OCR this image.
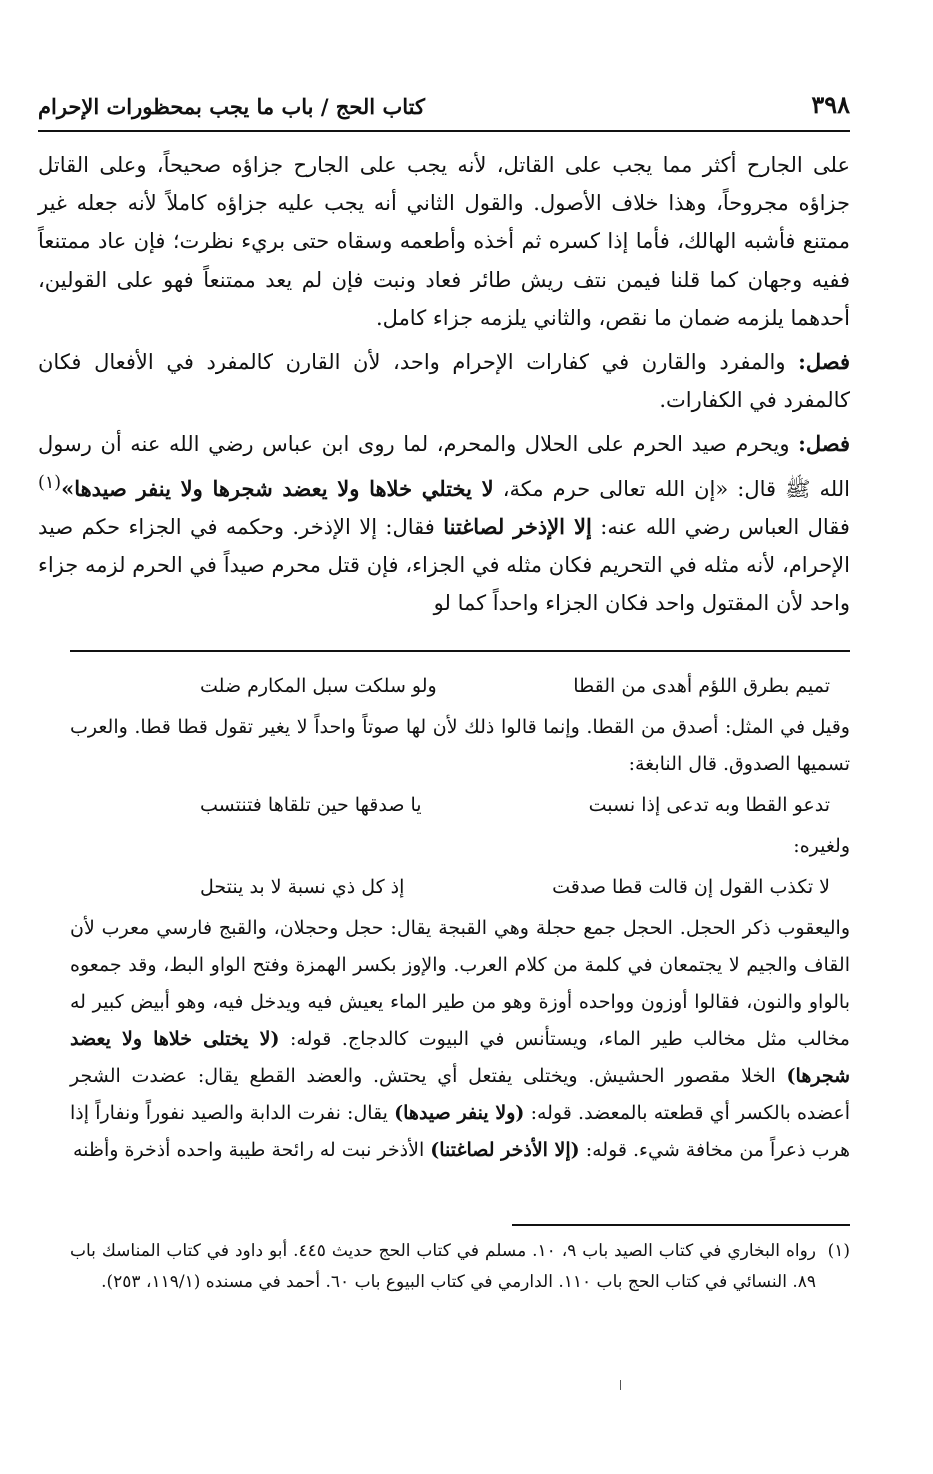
٣٩٨
كتاب الحج / باب ما يجب بمحظورات الإحرام

على الجارح أكثر مما يجب على القاتل، لأنه يجب على الجارح جزاؤه صحيحاً، وعلى القاتل جزاؤه مجروحاً، وهذا خلاف الأصول. والقول الثاني أنه يجب عليه جزاؤه كاملاً لأنه جعله غير ممتنع فأشبه الهالك، فأما إذا كسره ثم أخذه وأطعمه وسقاه حتى بريء نظرت؛ فإن عاد ممتنعاً ففيه وجهان كما قلنا فيمن نتف ريش طائر فعاد ونبت فإن لم يعد ممتنعاً فهو على القولين، أحدهما يلزمه ضمان ما نقص، والثاني يلزمه جزاء كامل.

فصل: والمفرد والقارن في كفارات الإحرام واحد، لأن القارن كالمفرد في الأفعال فكان كالمفرد في الكفارات.

فصل: ويحرم صيد الحرم على الحلال والمحرم، لما روى ابن عباس رضي الله عنه أن رسول الله ﷺ قال: «إن الله تعالى حرم مكة، لا يختلي خلاها ولا يعضد شجرها ولا ينفر صيدها»$^{(١)}$ فقال العباس رضي الله عنه: إلا الإذخر لصاغتنا فقال: إلا الإذخر. وحكمه في الجزاء حكم صيد الإحرام، لأنه مثله في التحريم فكان مثله في الجزاء، فإن قتل محرم صيداً في الحرم لزمه جزاء واحد لأن المقتول واحد فكان الجزاء واحداً كما لو

تميم بطرق اللؤم أهدى من القطا
ولو سلكت سبل المكارم ضلت

وقيل في المثل: أصدق من القطا. وإنما قالوا ذلك لأن لها صوتاً واحداً لا يغير تقول قطا قطا. والعرب تسميها الصدوق. قال النابغة:

تدعو القطا وبه تدعى إذا نسبت
يا صدقها حين تلقاها فتنتسب

ولغيره:

لا تكذب القول إن قالت قطا صدقت
إذ كل ذي نسبة لا بد ينتحل

واليعقوب ذكر الحجل. الحجل جمع حجلة وهي القبجة يقال: حجل وحجلان، والقبج فارسي معرب لأن القاف والجيم لا يجتمعان في كلمة من كلام العرب. والإوز بكسر الهمزة وفتح الواو البط، وقد جمعوه بالواو والنون، فقالوا أوزون وواحده أوزة وهو من طير الماء يعيش فيه ويدخل فيه، وهو أبيض كبير له مخالب مثل مخالب طير الماء، ويستأنس في البيوت كالدجاج. قوله: (لا يختلى خلاها ولا يعضد شجرها) الخلا مقصور الحشيش. ويختلى يفتعل أي يحتش. والعضد القطع يقال: عضدت الشجر أعضده بالكسر أي قطعته بالمعضد. قوله: (ولا ينفر صيدها) يقال: نفرت الدابة والصيد نفوراً ونفاراً إذا هرب ذعراً من مخافة شيء. قوله: (إلا الأذخر لصاغتنا) الأذخر نبت له رائحة طيبة واحده أذخرة وأظنه

(١)
رواه البخاري في كتاب الصيد باب ٩، ١٠. مسلم في كتاب الحج حديث ٤٤٥. أبو داود في كتاب المناسك باب ٨٩. النسائي في كتاب الحج باب ١١٠. الدارمي في كتاب البيوع باب ٦٠. أحمد في مسنده (١١٩/١، ٢٥٣).
